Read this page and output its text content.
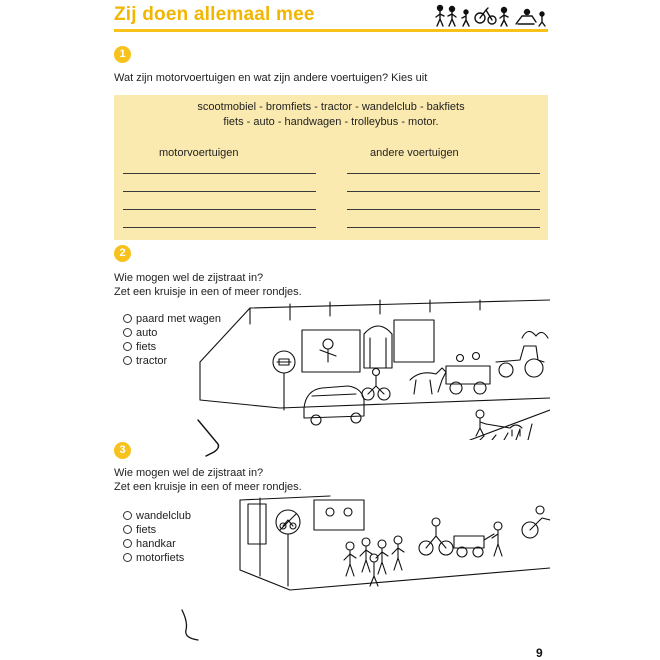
Zij doen allemaal mee
1
Wat zijn motorvoertuigen en wat zijn andere voertuigen? Kies uit
scootmobiel - bromfiets - tractor - wandelclub - bakfiets
fiets - auto - handwagen - trolleybus - motor.
motorvoertuigen	andere voertuigen
2
Wie mogen wel de zijstraat in?
Zet een kruisje in een of meer rondjes.
paard met wagen
auto
fiets
tractor
3
Wie mogen wel de zijstraat in?
Zet een kruisje in een of meer rondjes.
wandelclub
fiets
handkar
motorfiets
9
